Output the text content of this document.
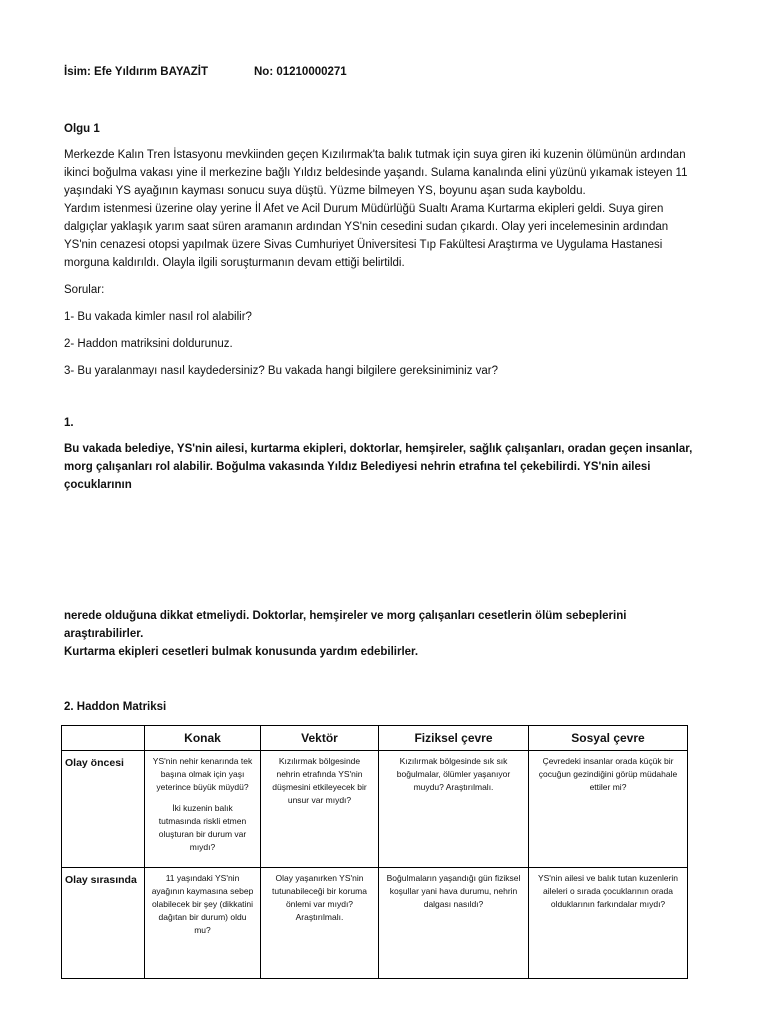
İsim: Efe Yıldırım BAYAZİT	No: 01210000271
Olgu 1
Merkezde Kalın Tren İstasyonu mevkiinden geçen Kızılırmak'ta balık tutmak için suya giren iki kuzenin ölümünün ardından
ikinci boğulma vakası yine il merkezine bağlı Yıldız beldesinde yaşandı. Sulama kanalında elini yüzünü yıkamak isteyen 11
yaşındaki YS ayağının kayması sonucu suya düştü. Yüzme bilmeyen YS, boyunu aşan suda kayboldu.
Yardım istenmesi üzerine olay yerine İl Afet ve Acil Durum Müdürlüğü Sualtı Arama Kurtarma ekipleri geldi. Suya giren
dalgıçlar yaklaşık yarım saat süren aramanın ardından YS'nin cesedini sudan çıkardı. Olay yeri incelemesinin ardından
YS'nin cenazesi otopsi yapılmak üzere Sivas Cumhuriyet Üniversitesi Tıp Fakültesi Araştırma ve Uygulama Hastanesi
morguna kaldırıldı. Olayla ilgili soruşturmanın devam ettiği belirtildi.
Sorular:
1- Bu vakada kimler nasıl rol alabilir?
2- Haddon matriksini doldurunuz.
3- Bu yaralanmayı nasıl kaydedersiniz? Bu vakada hangi bilgilere gereksiniminiz var?
1.
Bu vakada belediye, YS'nin ailesi, kurtarma ekipleri, doktorlar, hemşireler, sağlık çalışanları, oradan geçen insanlar,
morg çalışanları rol alabilir. Boğulma vakasında Yıldız Belediyesi nehrin etrafına tel çekebilirdi. YS'nin ailesi çocuklarının
nerede olduğuna dikkat etmeliydi. Doktorlar, hemşireler ve morg çalışanları cesetlerin ölüm sebeplerini araştırabilirler.
Kurtarma ekipleri cesetleri bulmak konusunda yardım edebilirler.
2. Haddon Matriksi
	Konak	Vektör	Fiziksel çevre	Sosyal çevre
Olay öncesi	YS'nin nehir kenarında tek başına olmak için yaşı yeterince büyük müydü?
İki kuzenin balık tutmasında riskli etmen oluşturan bir durum var mıydı?	Kızılırmak bölgesinde nehrin etrafında YS'nin düşmesini etkileyecek bir unsur var mıydı?	Kızılırmak bölgesinde sık sık boğulmalar, ölümler yaşanıyor muydu? Araştırılmalı.	Çevredeki insanlar orada küçük bir çocuğun gezindiğini görüp müdahale ettiler mi?

Olay sırasında	11 yaşındaki YS'nin ayağının kaymasına sebep olabilecek bir şey (dikkatini dağıtan bir durum) oldu mu?	Olay yaşanırken YS'nin tutunabileceği bir koruma önlemi var mıydı? Araştırılmalı.	Boğulmaların yaşandığı gün fiziksel koşullar yani hava durumu, nehrin dalgası nasıldı?	YS'nin ailesi ve balık tutan kuzenlerin aileleri o sırada çocuklarının orada olduklarının farkındalar mıydı?
